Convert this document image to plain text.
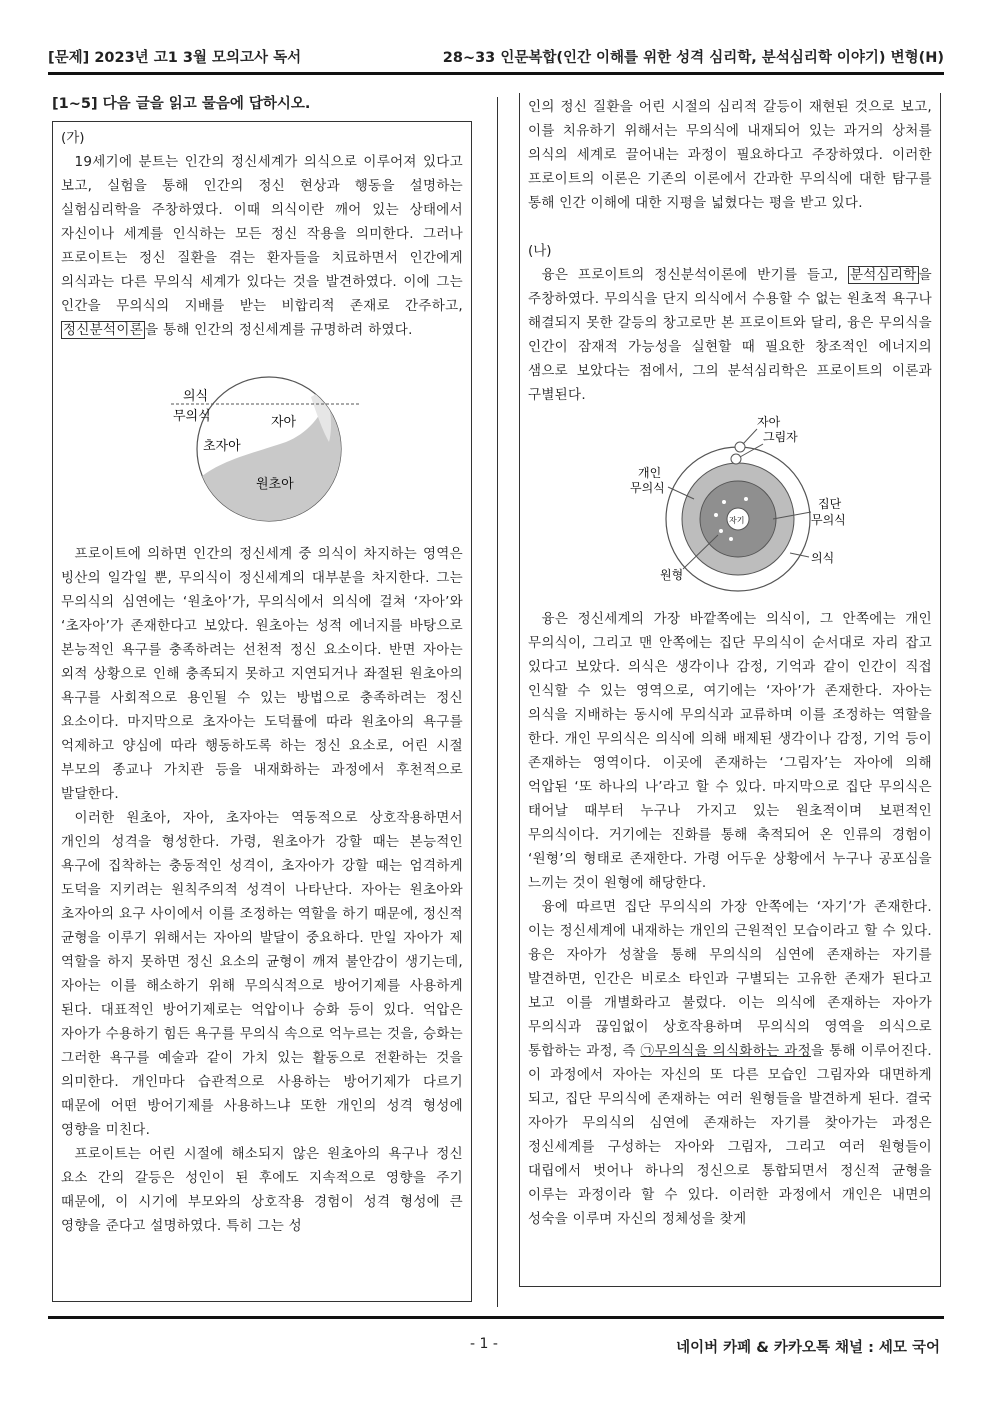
[문제] 2023년 고1 3월 모의고사 독서	28~33 인문복합(인간 이해를 위한 성격 심리학, 분석심리학 이야기) 변형(H)
[1~5] 다음 글을 읽고 물음에 답하시오.

(가)

19세기에 분트는 인간의 정신세계가 의식으로 이루어져 있다고 보고, 실험을 통해 인간의 정신 현상과 행동을 설명하는 실험심리학을 주창하였다. 이때 의식이란 깨어 있는 상태에서 자신이나 세계를 인식하는 모든 정신 작용을 의미한다. 그러나 프로이트는 정신 질환을 겪는 환자들을 치료하면서 인간에게 의식과는 다른 무의식 세계가 있다는 것을 발견하였다. 이에 그는 인간을 무의식의 지배를 받는 비합리적 존재로 간주하고, 정신분석이론 을 통해 인간의 정신세계를 규명하려 하였다.

의식
무의식	자아
초자아
원초아

프로이트에 의하면 인간의 정신세계 중 의식이 차지하는 영역은 빙산의 일각일 뿐, 무의식이 정신세계의 대부분을 차지한다. 그는 무의식의 심연에는 ‘원초아’가, 무의식에서 의식에 걸쳐 ‘자아’와 ‘초자아’가 존재한다고 보았다. 원초아는 성적 에너지를 바탕으로 본능적인 욕구를 충족하려는 선천적 정신 요소이다. 반면 자아는 외적 상황으로 인해 충족되지 못하고 지연되거나 좌절된 원초아의 욕구를 사회적으로 용인될 수 있는 방법으로 충족하려는 정신 요소이다. 마지막으로 초자아는 도덕률에 따라 원초아의 욕구를 억제하고 양심에 따라 행동하도록 하는 정신 요소로, 어린 시절 부모의 종교나 가치관 등을 내재화하는 과정에서 후천적으로 발달한다.

이러한 원초아, 자아, 초자아는 역동적으로 상호작용하면서 개인의 성격을 형성한다. 가령, 원초아가 강할 때는 본능적인 욕구에 집착하는 충동적인 성격이, 초자아가 강할 때는 엄격하게 도덕을 지키려는 원칙주의적 성격이 나타난다. 자아는 원초아와 초자아의 요구 사이에서 이를 조정하는 역할을 하기 때문에, 정신적 균형을 이루기 위해서는 자아의 발달이 중요하다. 만일 자아가 제 역할을 하지 못하면 정신 요소의 균형이 깨져 불안감이 생기는데, 자아는 이를 해소하기 위해 무의식적으로 방어기제를 사용하게 된다. 대표적인 방어기제로는 억압이나 승화 등이 있다. 억압은 자아가 수용하기 힘든 욕구를 무의식 속으로 억누르는 것을, 승화는 그러한 욕구를 예술과 같이 가치 있는 활동으로 전환하는 것을 의미한다. 개인마다 습관적으로 사용하는 방어기제가 다르기 때문에 어떤 방어기제를 사용하느냐 또한 개인의 성격 형성에 영향을 미친다.

프로이트는 어린 시절에 해소되지 않은 원초아의 욕구나 정신 요소 간의 갈등은 성인이 된 후에도 지속적으로 영향을 주기 때문에, 이 시기에 부모와의 상호작용 경험이 성격 형성에 큰 영향을 준다고 설명하였다. 특히 그는 성

인의 정신 질환을 어린 시절의 심리적 갈등이 재현된 것으로 보고, 이를 치유하기 위해서는 무의식에 내재되어 있는 과거의 상처를 의식의 세계로 끌어내는 과정이 필요하다고 주장하였다. 이러한 프로이트의 이론은 기존의 이론에서 간과한 무의식에 대한 탐구를 통해 인간 이해에 대한 지평을 넓혔다는 평을 받고 있다.

(나)

융은 프로이트의 정신분석이론에 반기를 들고, 분석심리학 을 주창하였다. 무의식을 단지 의식에서 수용할 수 없는 원초적 욕구나 해결되지 못한 갈등의 창고로만 본 프로이트와 달리, 융은 무의식을 인간이 잠재적 가능성을 실현할 때 필요한 창조적인 에너지의 샘으로 보았다는 점에서, 그의 분석심리학은 프로이트의 이론과 구별된다.

자기
자아
그림자
개인
무의식
집단
무의식
원형
의식

융은 정신세계의 가장 바깥쪽에는 의식이, 그 안쪽에는 개인 무의식이, 그리고 맨 안쪽에는 집단 무의식이 순서대로 자리 잡고 있다고 보았다. 의식은 생각이나 감정, 기억과 같이 인간이 직접 인식할 수 있는 영역으로, 여기에는 ‘자아’가 존재한다. 자아는 의식을 지배하는 동시에 무의식과 교류하며 이를 조정하는 역할을 한다. 개인 무의식은 의식에 의해 배제된 생각이나 감정, 기억 등이 존재하는 영역이다. 이곳에 존재하는 ‘그림자’는 자아에 의해 억압된 ‘또 하나의 나’라고 할 수 있다. 마지막으로 집단 무의식은 태어날 때부터 누구나 가지고 있는 원초적이며 보편적인 무의식이다. 거기에는 진화를 통해 축적되어 온 인류의 경험이 ‘원형’의 형태로 존재한다. 가령 어두운 상황에서 누구나 공포심을 느끼는 것이 원형에 해당한다.

융에 따르면 집단 무의식의 가장 안쪽에는 ‘자기’가 존재한다. 이는 정신세계에 내재하는 개인의 근원적인 모습이라고 할 수 있다. 융은 자아가 성찰을 통해 무의식의 심연에 존재하는 자기를 발견하면, 인간은 비로소 타인과 구별되는 고유한 존재가 된다고 보고 이를 개별화라고 불렀다. 이는 의식에 존재하는 자아가 무의식과 끊임없이 상호작용하며 무의식의 영역을 의식으로 통합하는 과정, 즉 ㉠무의식을 의식화하는 과정을 통해 이루어진다. 이 과정에서 자아는 자신의 또 다른 모습인 그림자와 대면하게 되고, 집단 무의식에 존재하는 여러 원형들을 발견하게 된다. 결국 자아가 무의식의 심연에 존재하는 자기를 찾아가는 과정은 정신세계를 구성하는 자아와 그림자, 그리고 여러 원형들이 대립에서 벗어나 하나의 정신으로 통합되면서 정신적 균형을 이루는 과정이라 할 수 있다. 이러한 과정에서 개인은 내면의 성숙을 이루며 자신의 정체성을 찾게

- 1 -	네이버 카페 & 카카오톡 채널 : 세모 국어
